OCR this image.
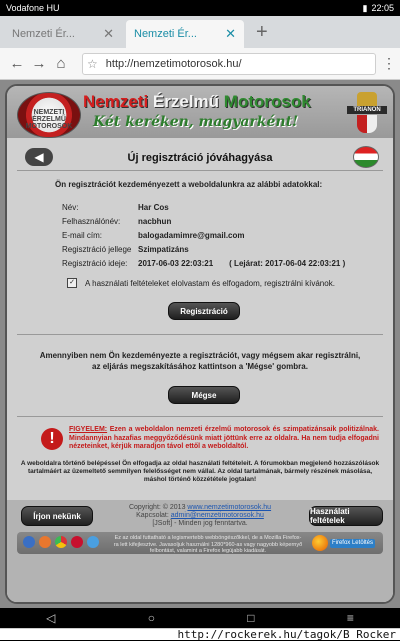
Vodafone HU	▮ 22:05
Nemzeti Ér... ✕ Nemzeti Ér... ✕ +
← → ⌂	☆ http://nemzetimotorosok.hu/	⋮
NEMZETI ÉRZELMŰ MOTOROSOK
Nemzeti Érzelmű Motorosok
Két keréken, magyarként!
TRIANON
◀	Új regisztráció jóváhagyása
Ön regisztrációt kezdeményezett a weboldalunkra az alábbi adatokkal:
Név:	Har Cos
Felhasználónév:	nacbhun
E-mail cím:	balogadamimre@gmail.com
Regisztráció jellege Szimpatizáns
Regisztráció ideje:	2017-06-03 22:03:21 ( Lejárat: 2017-06-04 22:03:21 )
✓ A használati feltételeket elolvastam és elfogadom, regisztrálni kívánok.
Regisztráció
Amennyiben nem Ön kezdeményezte a regisztrációt, vagy mégsem akar regisztrálni,
az eljárás megszakításához kattintson a 'Mégse' gombra.
Mégse
!
FIGYELEM: Ezen a weboldalon nemzeti érzelmű motorosok és szimpatizánsaik politizálnak. Mindannyian hazafias meggyőződésünk miatt jöttünk erre az oldalra. Ha nem tudja elfogadni nézeteinket, kérjük maradjon távol ettől a weboldaltól.
A weboldalra történő belépéssel Ön elfogadja az oldal használati feltételeit. A fórumokban megjelenő hozzászólások tartalmáért az üzemeltető semmilyen felelősséget nem vállal. Az oldal tartalmának, bármely részének másolása, máshol történő közzététele jogtalan!
Írjon nekünk	Használati feltételek
Copyright: © 2013 www.nemzetimotorosok.hu
Kapcsolat: admin@nemzetimotorosok.hu
[JSoft] - Minden jog fenntartva.
Ez az oldal futtatható a legismertebb webböngészőkkel, de a Mozilla Firefox-ra lett kifejlesztve. Javasoljuk használni 1280*960-as vagy nagyobb képernyő felbontást, valamint a Firefox legújabb kiadását.
Firefox Letöltés
◁	○	□	≡
http://rockerek.hu/tagok/B Rocker
